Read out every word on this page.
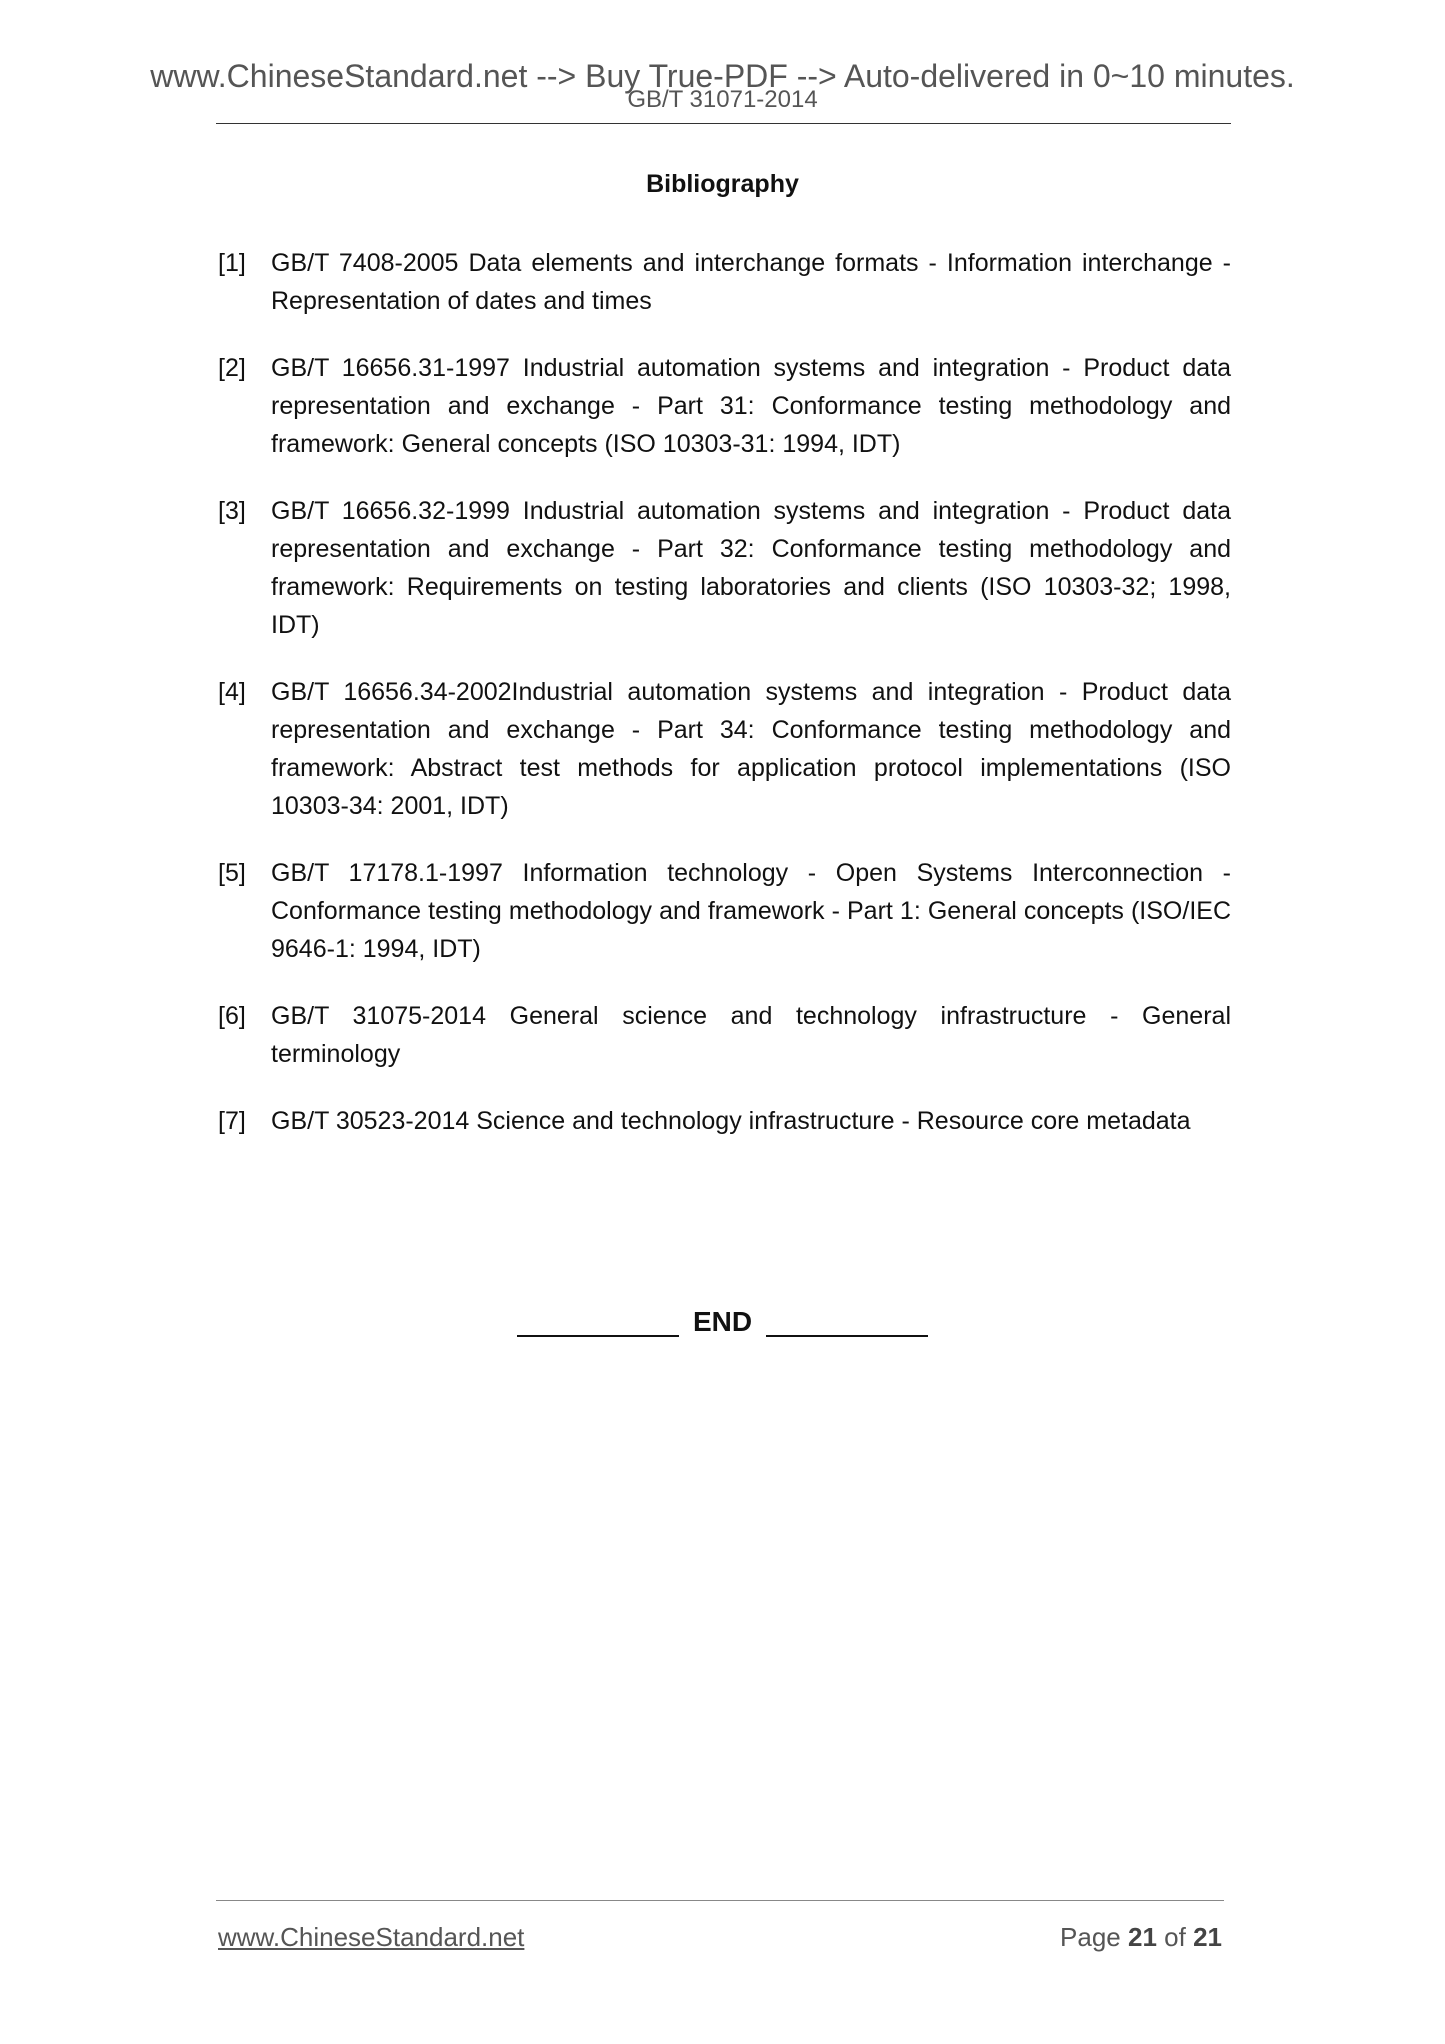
www.ChineseStandard.net --> Buy True-PDF --> Auto-delivered in 0~10 minutes.
GB/T 31071-2014
Bibliography
[1] GB/T 7408-2005 Data elements and interchange formats - Information interchange - Representation of dates and times
[2] GB/T 16656.31-1997 Industrial automation systems and integration - Product data representation and exchange - Part 31: Conformance testing methodology and framework: General concepts (ISO 10303-31: 1994, IDT)
[3] GB/T 16656.32-1999 Industrial automation systems and integration - Product data representation and exchange - Part 32: Conformance testing methodology and framework: Requirements on testing laboratories and clients (ISO 10303-32; 1998, IDT)
[4] GB/T 16656.34-2002Industrial automation systems and integration - Product data representation and exchange - Part 34: Conformance testing methodology and framework: Abstract test methods for application protocol implementations (ISO 10303-34: 2001, IDT)
[5] GB/T 17178.1-1997 Information technology - Open Systems Interconnection - Conformance testing methodology and framework - Part 1: General concepts (ISO/IEC 9646-1: 1994, IDT)
[6] GB/T 31075-2014 General science and technology infrastructure - General terminology
[7] GB/T 30523-2014 Science and technology infrastructure - Resource core metadata
END
www.ChineseStandard.net	Page 21 of 21
